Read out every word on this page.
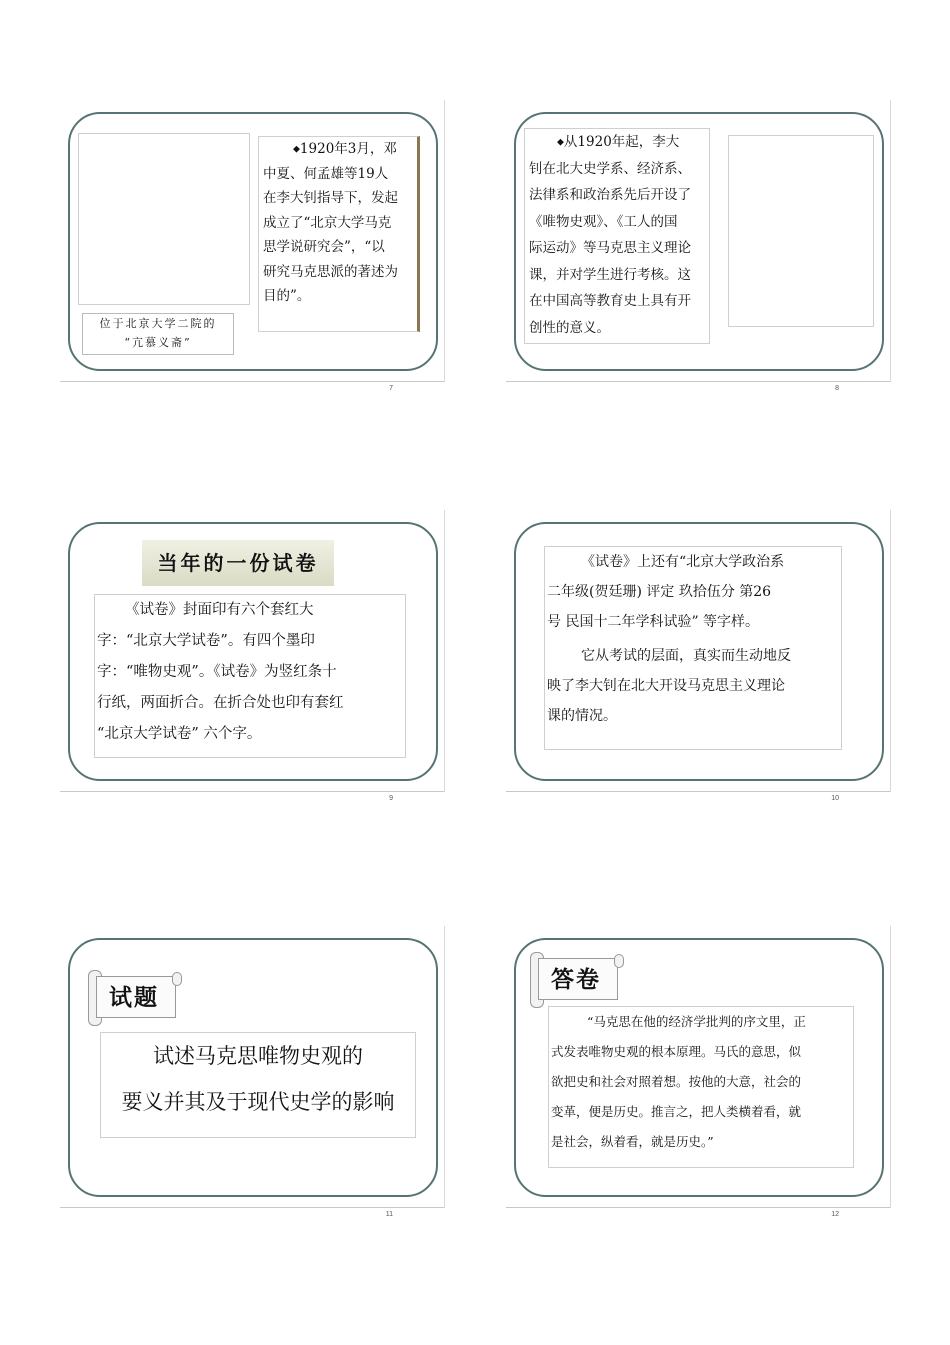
位于北京大学二院的
“亢慕义斋”
◆1920年3月，邓
中夏、何孟雄等19人
在李大钊指导下，发起
成立了“北京大学马克
思学说研究会”，“以
研究马克思派的著述为
目的”。
7
◆从1920年起，李大
钊在北大史学系、经济系、
法律系和政治系先后开设了
《唯物史观》、《工人的国
际运动》等马克思主义理论
课，并对学生进行考核。这
在中国高等教育史上具有开
创性的意义。
8
当年的一份试卷
《试卷》封面印有六个套红大
字：“北京大学试卷”。有四个墨印
字：“唯物史观”。《试卷》为竖红条十
行纸，两面折合。在折合处也印有套红
“北京大学试卷” 六个字。
9
《试卷》上还有“北京大学政治系
二年级(贺廷珊) 评定 玖拾伍分 第26
号 民国十二年学科试验” 等字样。
它从考试的层面，真实而生动地反
映了李大钊在北大开设马克思主义理论
课的情况。
10
试题
试述马克思唯物史观的
要义并其及于现代史学的影响
11
答卷
“马克思在他的经济学批判的序文里，正
式发表唯物史观的根本原理。马氏的意思，似
欲把史和社会对照着想。按他的大意，社会的
变革，便是历史。推言之，把人类横着看，就
是社会，纵着看，就是历史。”
12
